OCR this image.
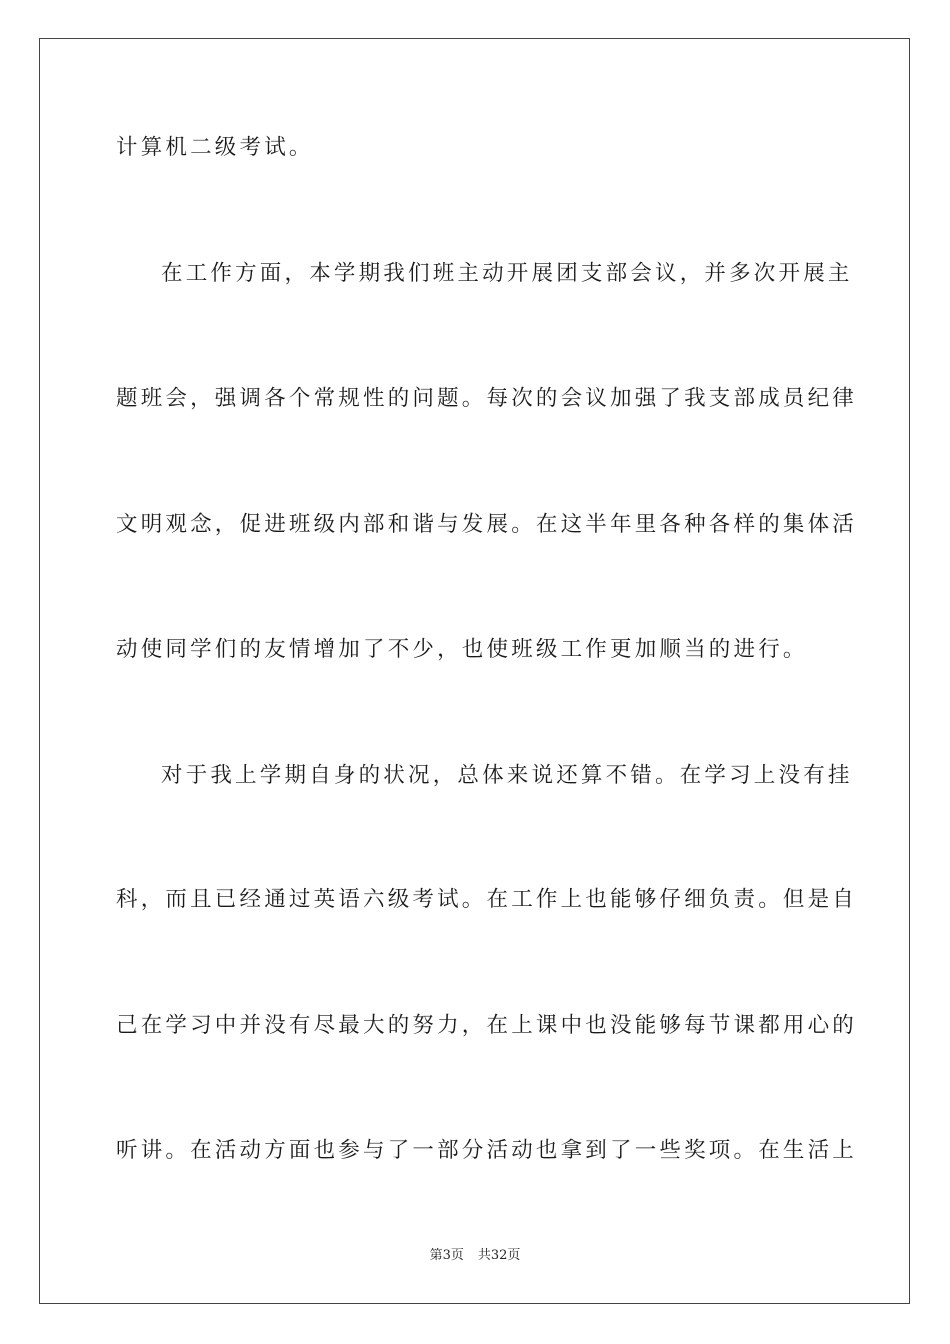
计算机二级考试。
在工作方面，本学期我们班主动开展团支部会议，并多次开展主
题班会，强调各个常规性的问题。每次的会议加强了我支部成员纪律
文明观念，促进班级内部和谐与发展。在这半年里各种各样的集体活
动使同学们的友情增加了不少，也使班级工作更加顺当的进行。
对于我上学期自身的状况，总体来说还算不错。在学习上没有挂
科，而且已经通过英语六级考试。在工作上也能够仔细负责。但是自
己在学习中并没有尽最大的努力，在上课中也没能够每节课都用心的
听讲。在活动方面也参与了一部分活动也拿到了一些奖项。在生活上
第3页 共32页
